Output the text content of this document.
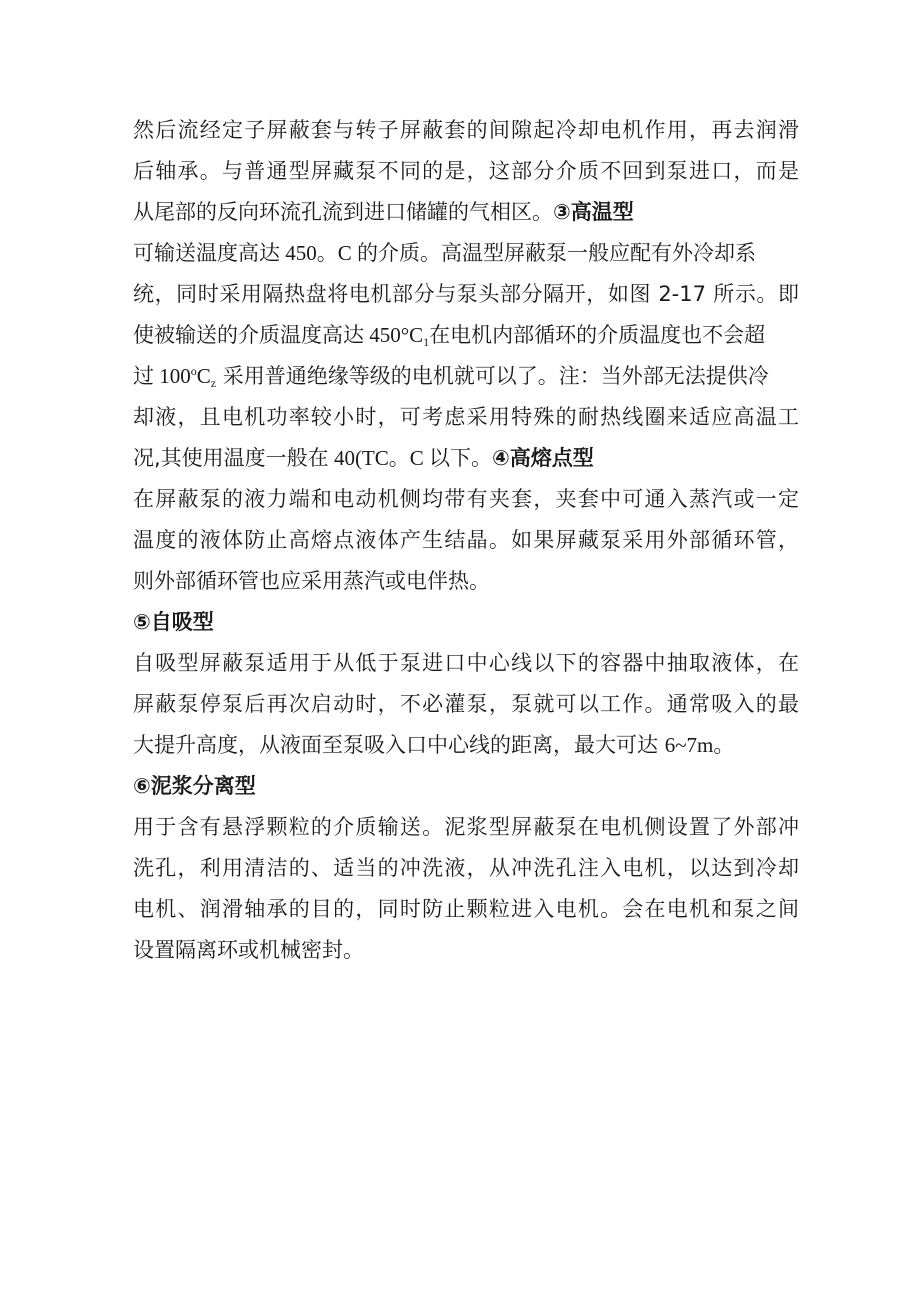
然后流经定子屏蔽套与转子屏蔽套的间隙起冷却电机作用，再去润滑
后轴承。与普通型屏藏泵不同的是，这部分介质不回到泵进口，而是
从尾部的反向环流孔流到进口储罐的气相区。③高温型
可输送温度高达 450。C 的介质。高温型屏蔽泵一般应配有外冷却系
统，同时采用隔热盘将电机部分与泵头部分隔开，如图 2-17 所示。即
使被输送的介质温度高达 $450^\circ C_1$在电机内部循环的介质温度也不会超
过 $100^oC_z$ 采用普通绝缘等级的电机就可以了。注：当外部无法提供冷
却液，且电机功率较小时，可考虑采用特殊的耐热线圈来适应高温工
况,其使用温度一般在 40(TC。C 以下。④高熔点型
在屏蔽泵的液力端和电动机侧均带有夹套，夹套中可通入蒸汽或一定
温度的液体防止高熔点液体产生结晶。如果屏藏泵采用外部循环管，
则外部循环管也应采用蒸汽或电伴热。
⑤自吸型
自吸型屏蔽泵适用于从低于泵进口中心线以下的容器中抽取液体，在
屏蔽泵停泵后再次启动时，不必灌泵，泵就可以工作。通常吸入的最
大提升高度，从液面至泵吸入口中心线的距离，最大可达 6~7m。
⑥泥浆分离型
用于含有悬浮颗粒的介质输送。泥浆型屏蔽泵在电机侧设置了外部冲
洗孔，利用清洁的、适当的冲洗液，从冲洗孔注入电机，以达到冷却
电机、润滑轴承的目的，同时防止颗粒进入电机。会在电机和泵之间
设置隔离环或机械密封。
